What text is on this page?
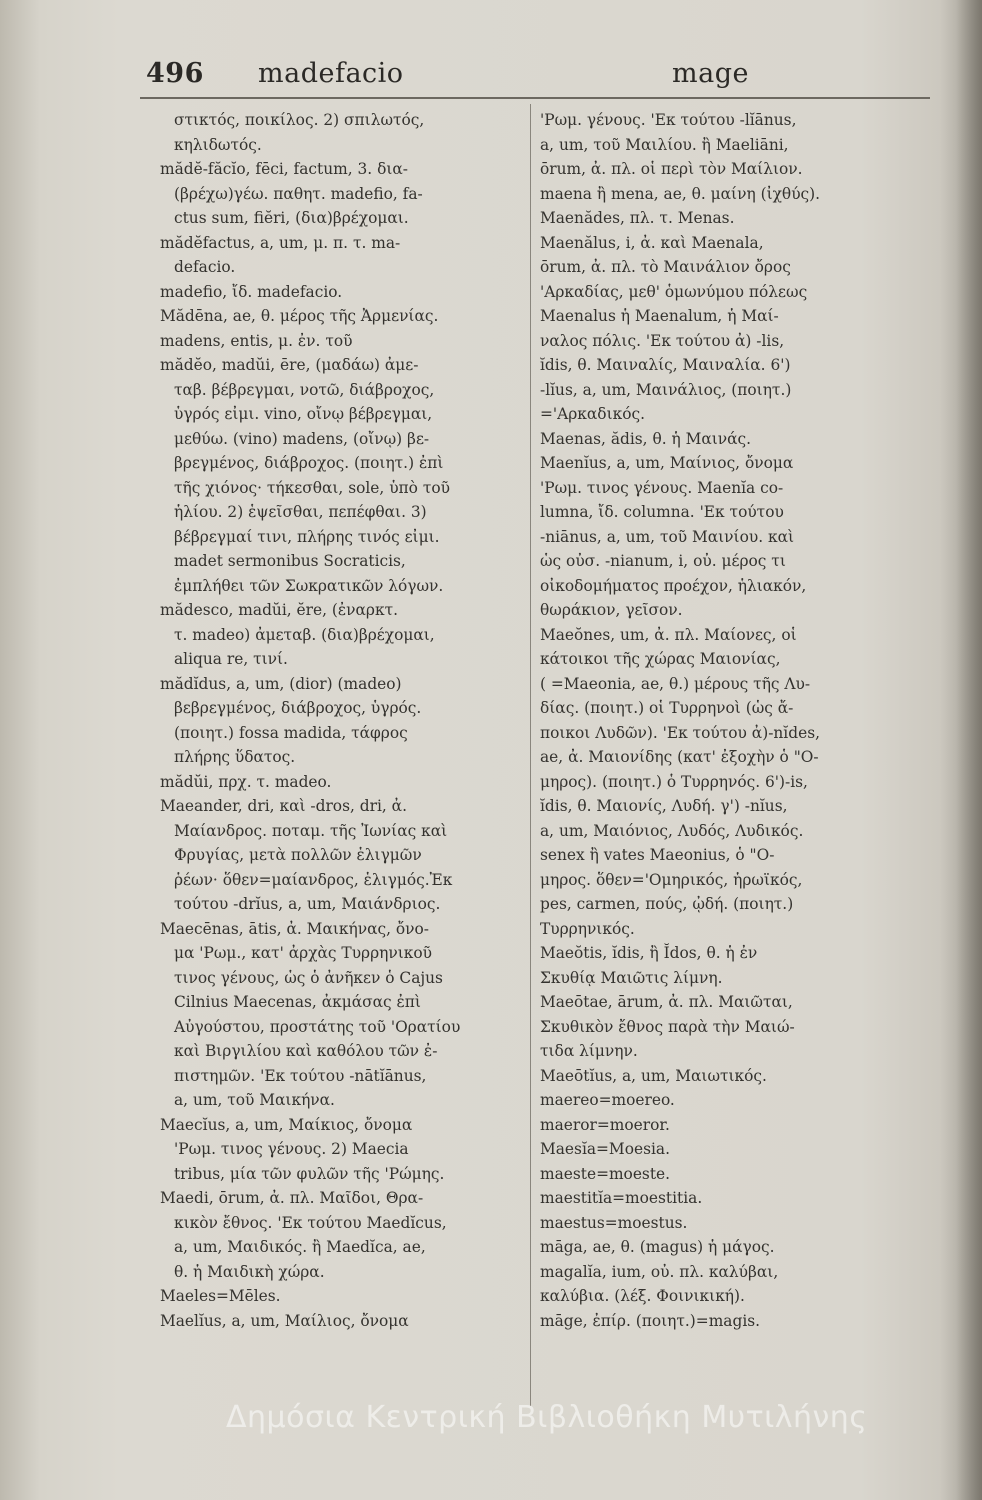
496 madefacio	mage
στικτός, ποικίλος. 2) σπιλωτός,
κηλιδωτός.
mădĕ-făcĭo, fēci, factum, 3. δια-
(βρέχω)γέω. παθητ. madefio, fa-
ctus sum, fiĕri, (δια)βρέχομαι.
mădĕfactus, a, um, μ. π. τ. ma-
defacio.
madefio, ἴδ. madefacio.
Mădēna, ae, θ. μέρος τῆς Ἀρμενίας.
madens, entis, μ. ἐν. τοῦ
mădĕo, madŭi, ēre, (μαδάω) ἀμε-
ταβ. βέβρεγμαι, νοτῶ, διάβροχος,
ὑγρός εἰμι. vino, οἴνῳ βέβρεγμαι,
μεθύω. (vino) madens, (οἴνῳ) βε-
βρεγμένος, διάβροχος. (ποιητ.) ἐπὶ
τῆς χιόνος· τήκεσθαι, sole, ὑπὸ τοῦ
ἡλίου. 2) ἑψεῖσθαι, πεπέφθαι. 3)
βέβρεγμαί τινι, πλήρης τινός εἰμι.
madet sermonibus Socraticis,
ἐμπλήθει τῶν Σωκρατικῶν λόγων.
mădesco, madŭi, ĕre, (ἐναρκτ.
τ. madeo) ἀμεταβ. (δια)βρέχομαι,
aliqua re, τινί.
mădĭdus, a, um, (dior) (madeo)
βεβρεγμένος, διάβροχος, ὑγρός.
(ποιητ.) fossa madida, τάφρος
πλήρης ὕδατος.
mădŭi, πρχ. τ. madeo.
Maeander, dri, καὶ -dros, dri, ἀ.
Μαίανδρος. ποταμ. τῆς Ἰωνίας καὶ
Φρυγίας, μετὰ πολλῶν ἑλιγμῶν
ῥέων· ὅθεν=μαίανδρος, ἑλιγμός.Ἐκ
τούτου -drĭus, a, um, Μαιάνδριος.
Maecēnas, ātis, ἀ. Μαικήνας, ὄνο-
μα 'Ρωμ., κατ' ἀρχὰς Τυρρηνικοῦ
τινος γένους, ὡς ὁ ἀνῆκεν ὁ Cajus
Cilnius Maecenas, ἀκμάσας ἐπὶ
Αὐγούστου, προστάτης τοῦ 'Ορατίου
καὶ Βιργιλίου καὶ καθόλου τῶν ἐ-
πιστημῶν. 'Εκ τούτου -nātĭānus,
a, um, τοῦ Μαικήνα.
Maecĭus, a, um, Μαίκιος, ὄνομα
'Ρωμ. τινος γένους. 2) Maecia
tribus, μία τῶν φυλῶν τῆς 'Ρώμης.
Maedi, ōrum, ἀ. πλ. Μαῖδοι, Θρα-
κικὸν ἔθνος. 'Εκ τούτου Maedĭcus,
a, um, Μαιδικός. ἢ Maedĭca, ae,
θ. ἡ Μαιδικὴ χώρα.
Maeles=Mēles.
Maelĭus, a, um, Μαίλιος, ὄνομα
'Ρωμ. γένους. 'Εκ τούτου -lĭānus,
a, um, τοῦ Μαιλίου. ἢ Maeliāni,
ōrum, ἀ. πλ. οἱ περὶ τὸν Μαίλιον.
maena ἢ mena, ae, θ. μαίνη (ἰχθύς).
Maenădes, πλ. τ. Menas.
Maenălus, i, ἀ. καὶ Maenala,
ōrum, ἀ. πλ. τὸ Μαινάλιον ὄρος
'Αρκαδίας, μεθ' ὁμωνύμου πόλεως
Maenalus ἡ Maenalum, ἡ Μαί-
ναλος πόλις. 'Εκ τούτου ἀ) -lis,
ĭdis, θ. Μαιναλίς, Μαιναλία. 6')
-lĭus, a, um, Μαινάλιος, (ποιητ.)
='Αρκαδικός.
Maenas, ădis, θ. ἡ Μαινάς.
Maenĭus, a, um, Μαίνιος, ὄνομα
'Ρωμ. τινος γένους. Maenĭa co-
lumna, ἴδ. columna. 'Εκ τούτου
-niānus, a, um, τοῦ Μαινίου. καὶ
ὡς οὐσ. -nianum, i, οὐ. μέρος τι
οἰκοδομήματος προέχον, ἡλιακόν,
θωράκιον, γεῖσον.
Maeŏnes, um, ἀ. πλ. Μαίονες, οἱ
κάτοικοι τῆς χώρας Μαιονίας,
( =Maeonia, ae, θ.) μέρους τῆς Λυ-
δίας. (ποιητ.) οἱ Τυρρηνοὶ (ὡς ἄ-
ποικοι Λυδῶν). 'Εκ τούτου ἀ)-nĭdes,
ae, ἀ. Μαιονίδης (κατ' ἐξοχὴν ὁ "Ο-
μηρος). (ποιητ.) ὁ Τυρρηνός. 6')-is,
ĭdis, θ. Μαιονίς, Λυδή. γ') -nĭus,
a, um, Μαιόνιος, Λυδός, Λυδικός.
senex ἢ vates Maeonius, ὁ "Ο-
μηρος. ὅθεν='Ομηρικός, ἡρωϊκός,
pes, carmen, πούς, ᾠδή. (ποιητ.)
Τυρρηνικός.
Maeŏtis, ĭdis, ἢ Ĭdos, θ. ἡ ἐν
Σκυθίᾳ Μαιῶτις λίμνη.
Maeōtae, ārum, ἀ. πλ. Μαιῶται,
Σκυθικὸν ἔθνος παρὰ τὴν Μαιώ-
τιδα λίμνην.
Maeōtĭus, a, um, Μαιωτικός.
maereo=moereo.
maeror=moeror.
Maesĭa=Moesia.
maeste=moeste.
maestitĭa=moestitia.
maestus=moestus.
māga, ae, θ. (magus) ἡ μάγος.
magalĭa, ium, οὐ. πλ. καλύβαι,
καλύβια. (λέξ. Φοινικική).
māge, ἐπίρ. (ποιητ.)=magis.
Δημόσια Κεντρική Βιβλιοθήκη Μυτιλήνης
